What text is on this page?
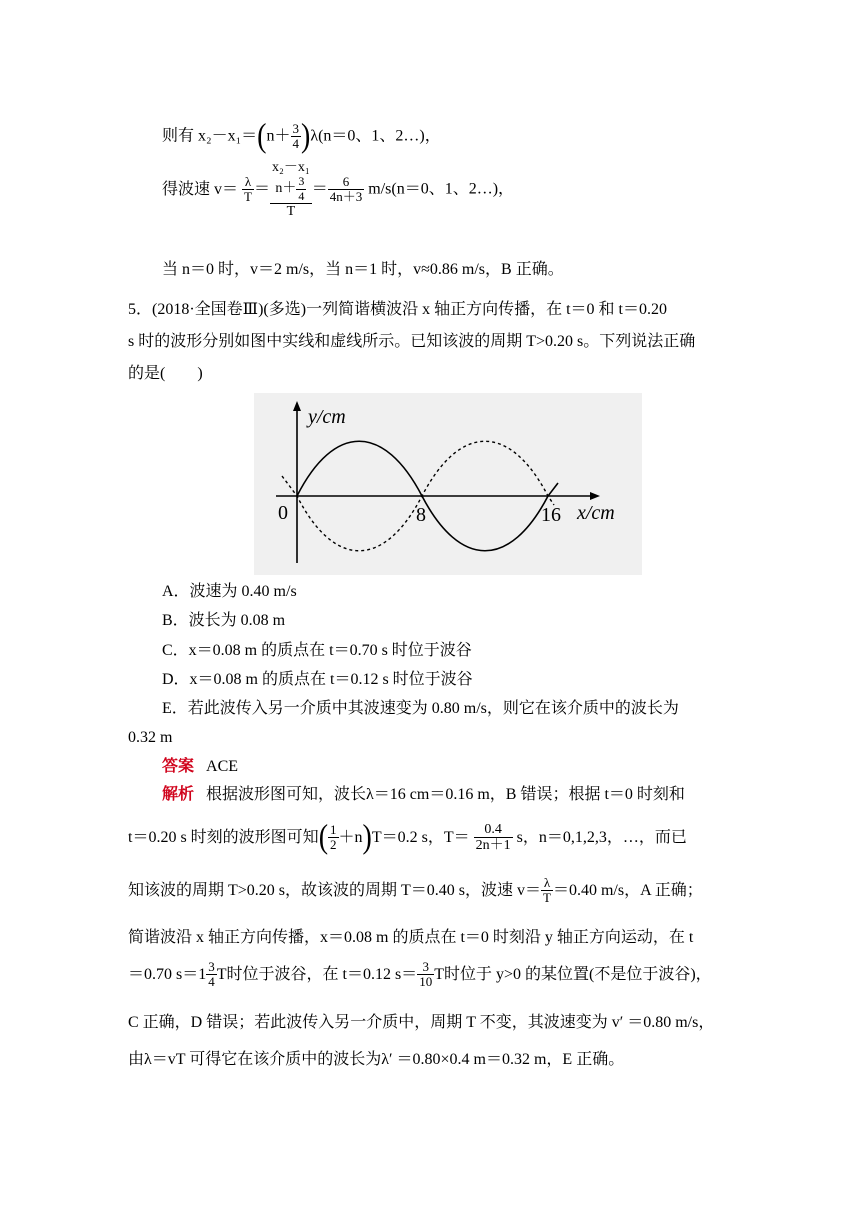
则有 $x_2-x_1=(n+ \frac{3}{4} )\lambda(n=0$、1、2…)，
得波速 $v= \frac{\lambda}{T}$ ＝
x₂－x₁
$n+ \frac{3}{4}$
T
＝ $\frac{6}{4n+3} m/s(n=0$、1、2…)，
当 n＝0 时，v＝2 m/s，当 n＝1 时，v≈0.86 m/s，B 正确。
5．(2018·全国卷Ⅲ)(多选)一列简谐横波沿 x 轴正方向传播，在 t＝0 和 t＝0.20
s 时的波形分别如图中实线和虚线所示。已知该波的周期 T>0.20 s。下列说法正确
的是(　　)
y/cm
0	8	16 x/cm
A．波速为 0.40 m/s
B．波长为 0.08 m
C．x＝0.08 m 的质点在 t＝0.70 s 时位于波谷
D．x＝0.08 m 的质点在 t＝0.12 s 时位于波谷
E．若此波传入另一介质中其波速变为 0.80 m/s，则它在该介质中的波长为
0.32 m
答案 ACE
解析 根据波形图可知，波长λ＝16 cm＝0.16 m，B 错误；根据 t＝0 时刻和
t＝0.20 s 时刻的波形图可知( $\frac{1}{2} +n)T=0.2$ s，$T= \frac{0.4}{2n+1}$ s，n＝0,1,2,3，…，而已
知该波的周期 T>0.20 s，故该波的周期 T＝0.40 s，波速 $v= \frac{\lambda}{T} =0.40$ m/s，A 正确；
简谐波沿 x 轴正方向传播，x＝0.08 m 的质点在 t＝0 时刻沿 y 轴正方向运动，在 t
＝0.70 $s=1 \frac{3}{4}$ T时位于波谷，在 t＝0.12 $s= \frac{3}{10}$ T时位于 y>0 的某位置(不是位于波谷)，
C 正确，D 错误；若此波传入另一介质中，周期 T 不变，其波速变为 v′ ＝0.80 m/s，
由λ＝vT 可得它在该介质中的波长为λ′ ＝0.80×0.4 m＝0.32 m，E 正确。
